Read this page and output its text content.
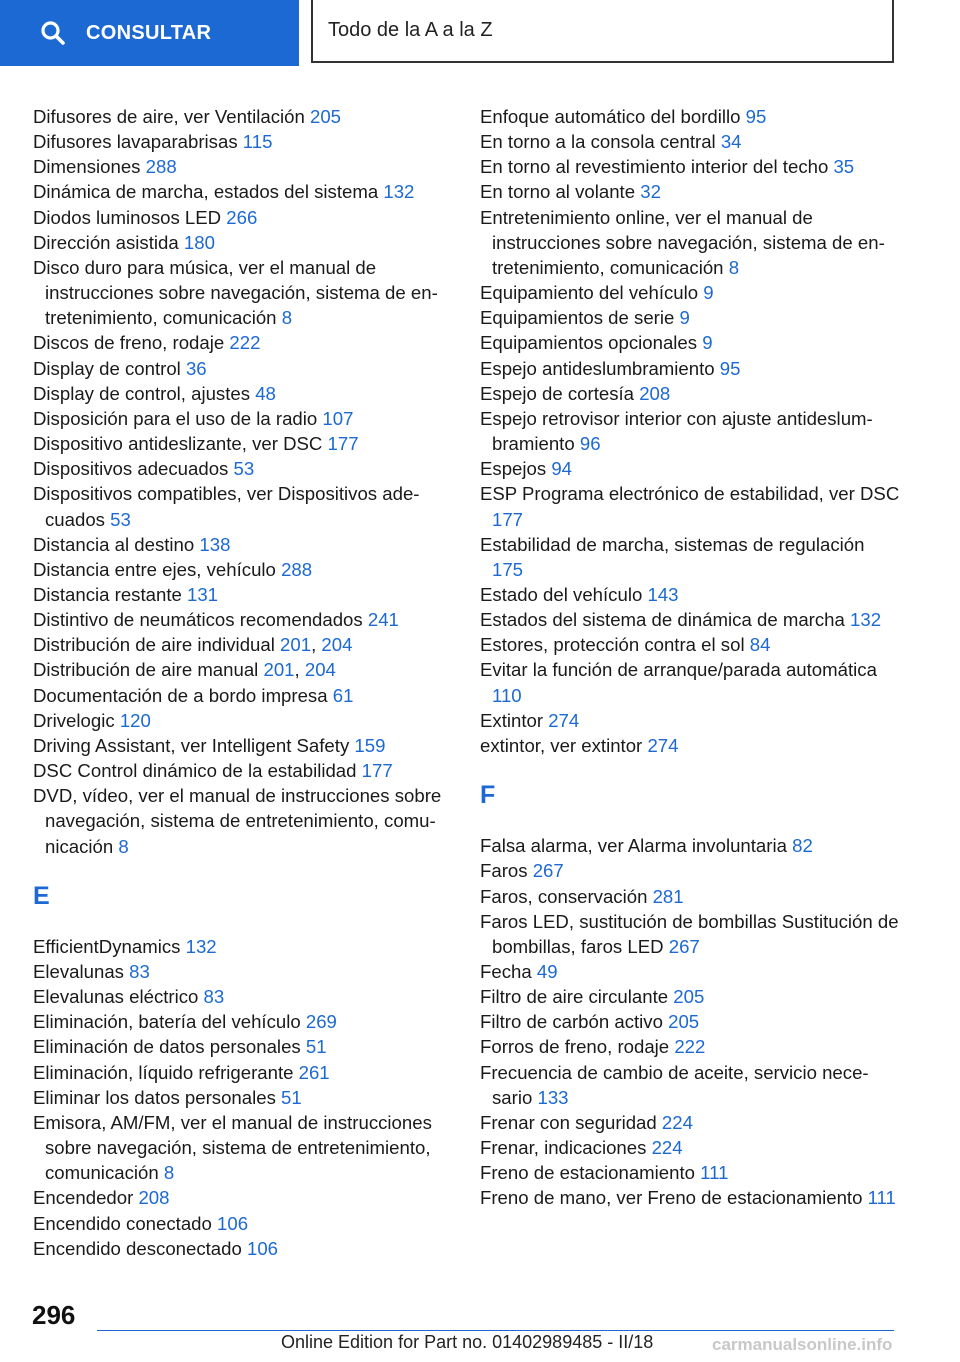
CONSULTAR	Todo de la A a la Z
Difusores de aire, ver Ventilación 205
Difusores lavaparabrisas 115
Dimensiones 288
Dinámica de marcha, estados del sistema 132
Diodos luminosos LED 266
Dirección asistida 180
Disco duro para música, ver el manual de instrucciones sobre navegación, sistema de entretenimiento, comunicación 8
Discos de freno, rodaje 222
Display de control 36
Display de control, ajustes 48
Disposición para el uso de la radio 107
Dispositivo antideslizante, ver DSC 177
Dispositivos adecuados 53
Dispositivos compatibles, ver Dispositivos adecuados 53
Distancia al destino 138
Distancia entre ejes, vehículo 288
Distancia restante 131
Distintivo de neumáticos recomendados 241
Distribución de aire individual 201, 204
Distribución de aire manual 201, 204
Documentación de a bordo impresa 61
Drivelogic 120
Driving Assistant, ver Intelligent Safety 159
DSC Control dinámico de la estabilidad 177
DVD, vídeo, ver el manual de instrucciones sobre navegación, sistema de entretenimiento, comunicación 8
E
EfficientDynamics 132
Elevalunas 83
Elevalunas eléctrico 83
Eliminación, batería del vehículo 269
Eliminación de datos personales 51
Eliminación, líquido refrigerante 261
Eliminar los datos personales 51
Emisora, AM/FM, ver el manual de instrucciones sobre navegación, sistema de entretenimiento, comunicación 8
Encendedor 208
Encendido conectado 106
Encendido desconectado 106
Enfoque automático del bordillo 95
En torno a la consola central 34
En torno al revestimiento interior del techo 35
En torno al volante 32
Entretenimiento online, ver el manual de instrucciones sobre navegación, sistema de entretenimiento, comunicación 8
Equipamiento del vehículo 9
Equipamientos de serie 9
Equipamientos opcionales 9
Espejo antideslumbramiento 95
Espejo de cortesía 208
Espejo retrovisor interior con ajuste antideslumbramiento 96
Espejos 94
ESP Programa electrónico de estabilidad, ver DSC 177
Estabilidad de marcha, sistemas de regulación 175
Estado del vehículo 143
Estados del sistema de dinámica de marcha 132
Estores, protección contra el sol 84
Evitar la función de arranque/parada automática 110
Extintor 274
extintor, ver extintor 274
F
Falsa alarma, ver Alarma involuntaria 82
Faros 267
Faros, conservación 281
Faros LED, sustitución de bombillas Sustitución de bombillas, faros LED 267
Fecha 49
Filtro de aire circulante 205
Filtro de carbón activo 205
Forros de freno, rodaje 222
Frecuencia de cambio de aceite, servicio necesario 133
Frenar con seguridad 224
Frenar, indicaciones 224
Freno de estacionamiento 111
Freno de mano, ver Freno de estacionamiento 111
296
Online Edition for Part no. 01402989485 - II/18	carmanualsonline.info
